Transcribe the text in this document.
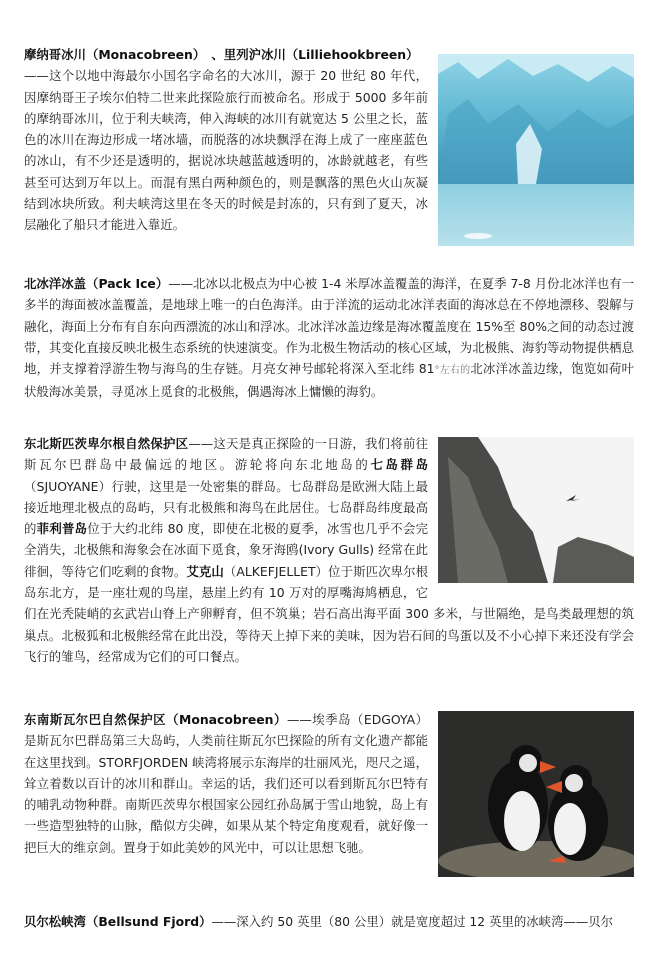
摩纳哥冰川（Monacobreen）　、里列沪冰川（Lilliehookbreen）
——这个以地中海最尔小国名字命名的大冰川，源于 20 世纪 80 年代，因摩纳哥王子埃尔伯特二世来此探险旅行而被命名。形成于 5000 多年前的摩纳哥冰川，位于利夫峡湾，伸入海峡的冰川有就宽达 5 公里之长，蓝色的冰川在海边形成一堵冰墙，而脱落的冰块飘浮在海上成了一座座蓝色的冰山，有不少还是透明的，据说冰块越蓝越透明的，冰龄就越老，有些甚至可达到万年以上。而混有黑白两种颜色的，则是飘落的黑色火山灰凝结到冰块所致。利夫峡湾这里在冬天的时候是封冻的，只有到了夏天，冰层融化了船只才能进入靠近。
北冰洋冰盖（Pack Ice）——北冰以北极点为中心被 1-4 米厚冰盖覆盖的海洋，在夏季 7-8 月份北冰洋也有一多半的海面被冰盖覆盖，是地球上唯一的白色海洋。由于洋流的运动北冰洋表面的海冰总在不停地漂移、裂解与融化，海面上分布有自东向西漂流的冰山和浮冰。北冰洋冰盖边缘是海冰覆盖度在 15%至 80%之间的动态过渡带，其变化直接反映北极生态系统的快速演变。作为北极生物活动的核心区域，为北极熊、海豹等动物提供栖息地，并支撑着浮游生物与海鸟的生存链。月亮女神号邮轮将深入至北纬 81°左右的北冰洋冰盖边缘，饱览如荷叶状般海冰美景，寻觅冰上觅食的北极熊，偶遇海冰上慵懒的海豹。
东北斯匹茨卑尔根自然保护区——这天是真正探险的一日游，我们将前往斯瓦尔巴群岛中最偏远的地区。游轮将向东北地岛的七岛群岛（SJUOYANE）行驶，这里是一处密集的群岛。七岛群岛是欧洲大陆上最接近地理北极点的岛屿，只有北极熊和海鸟在此居住。七岛群岛纬度最高的菲利普岛位于大约北纬 80 度，即使在北极的夏季，冰雪也几乎不会完全消失，北极熊和海象会在冰面下觅食，象牙海鸥(Ivory Gulls) 经常在此徘徊，等待它们吃剩的食物。艾克山（ALKEFJELLET）位于斯匹次卑尔根岛东北方，是一座壮观的鸟崖，悬崖上约有 10 万对的厚嘴海鸠栖息，它们在光秃陡峭的玄武岩山脊上产卵孵育，但不筑巢；岩石高出海平面 300 多米，与世隔绝，是鸟类最理想的筑巢点。北极狐和北极熊经常在此出没，等待天上掉下来的美味，因为岩石间的鸟蛋以及不小心掉下来还没有学会飞行的雏鸟，经常成为它们的可口餐点。
东南斯瓦尔巴自然保护区（Monacobreen）——埃季岛（EDGOYA）是斯瓦尔巴群岛第三大岛屿，人类前往斯瓦尔巴探险的所有文化遗产都能在这里找到。STORFJORDEN 峡湾将展示东海岸的壮丽风光，咫尺之遥，耸立着数以百计的冰川和群山。幸运的话，我们还可以看到斯瓦尔巴特有的哺乳动物种群。南斯匹茨卑尔根国家公园红孙岛属于雪山地貌，岛上有一些造型独特的山脉，酷似方尖碑，如果从某个特定角度观看，就好像一把巨大的维京剑。置身于如此美妙的风光中，可以让思想飞驰。
贝尔松峡湾（Bellsund Fjord）——深入约 50 英里（80 公里）就是宽度超过 12 英里的冰峡湾——贝尔
